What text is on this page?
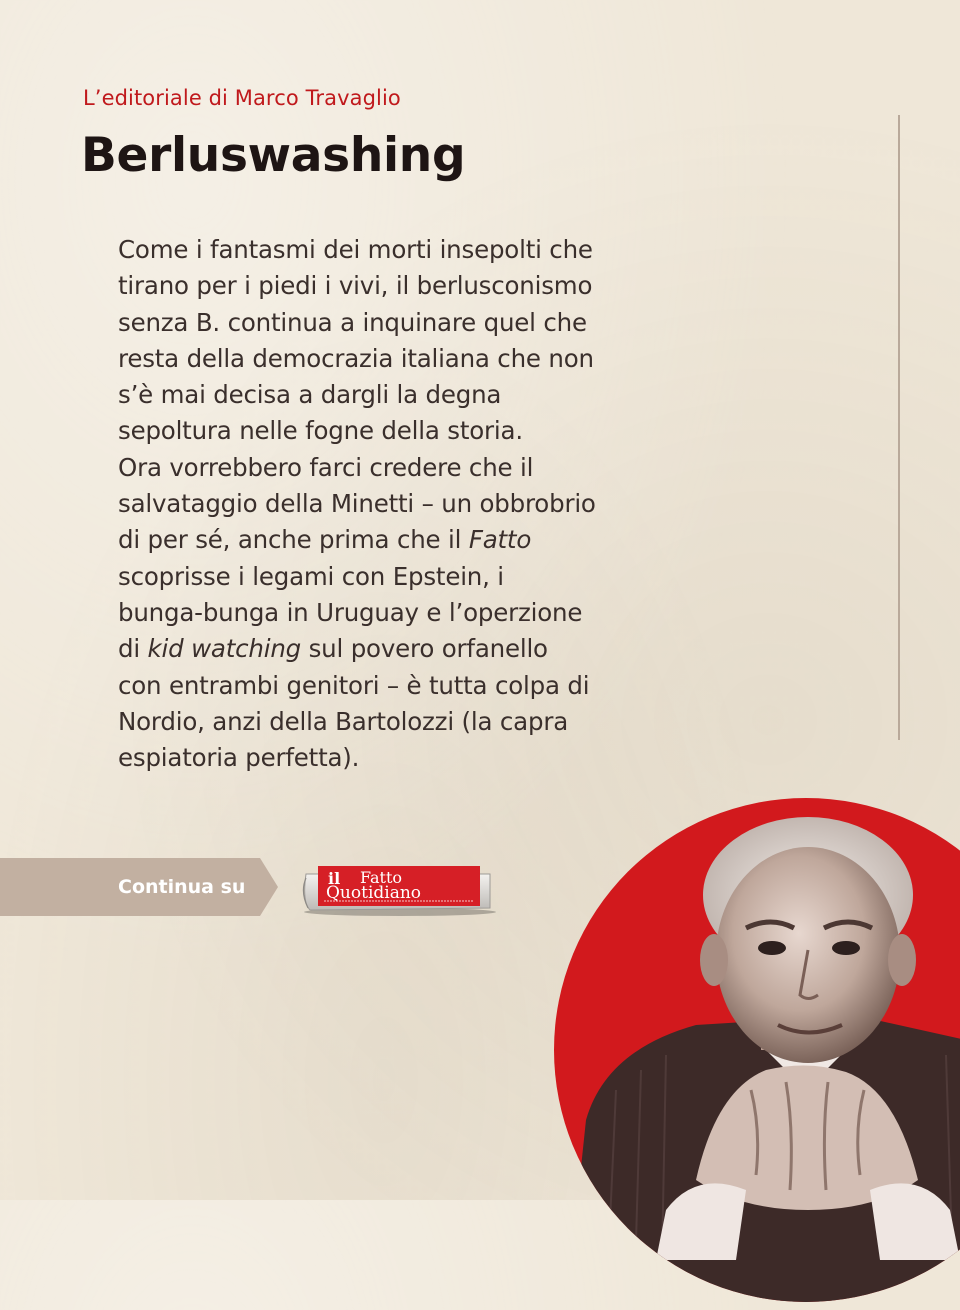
L’editoriale di Marco Travaglio
Berluswashing
Come i fantasmi dei morti insepolti che
tirano per i piedi i vivi, il berlusconismo
senza B. continua a inquinare quel che
resta della democrazia italiana che non
s’è mai decisa a dargli la degna
sepoltura nelle fogne della storia.
Ora vorrebbero farci credere che il
salvataggio della Minetti – un obbrobrio
di per sé, anche prima che il Fatto
scoprisse i legami con Epstein, i
bunga-bunga in Uruguay e l’operzione
di kid watching sul povero orfanello
con entrambi genitori – è tutta colpa di
Nordio, anzi della Bartolozzi (la capra
espiatoria perfetta).
Continua su	il Fatto
Quotidiano
